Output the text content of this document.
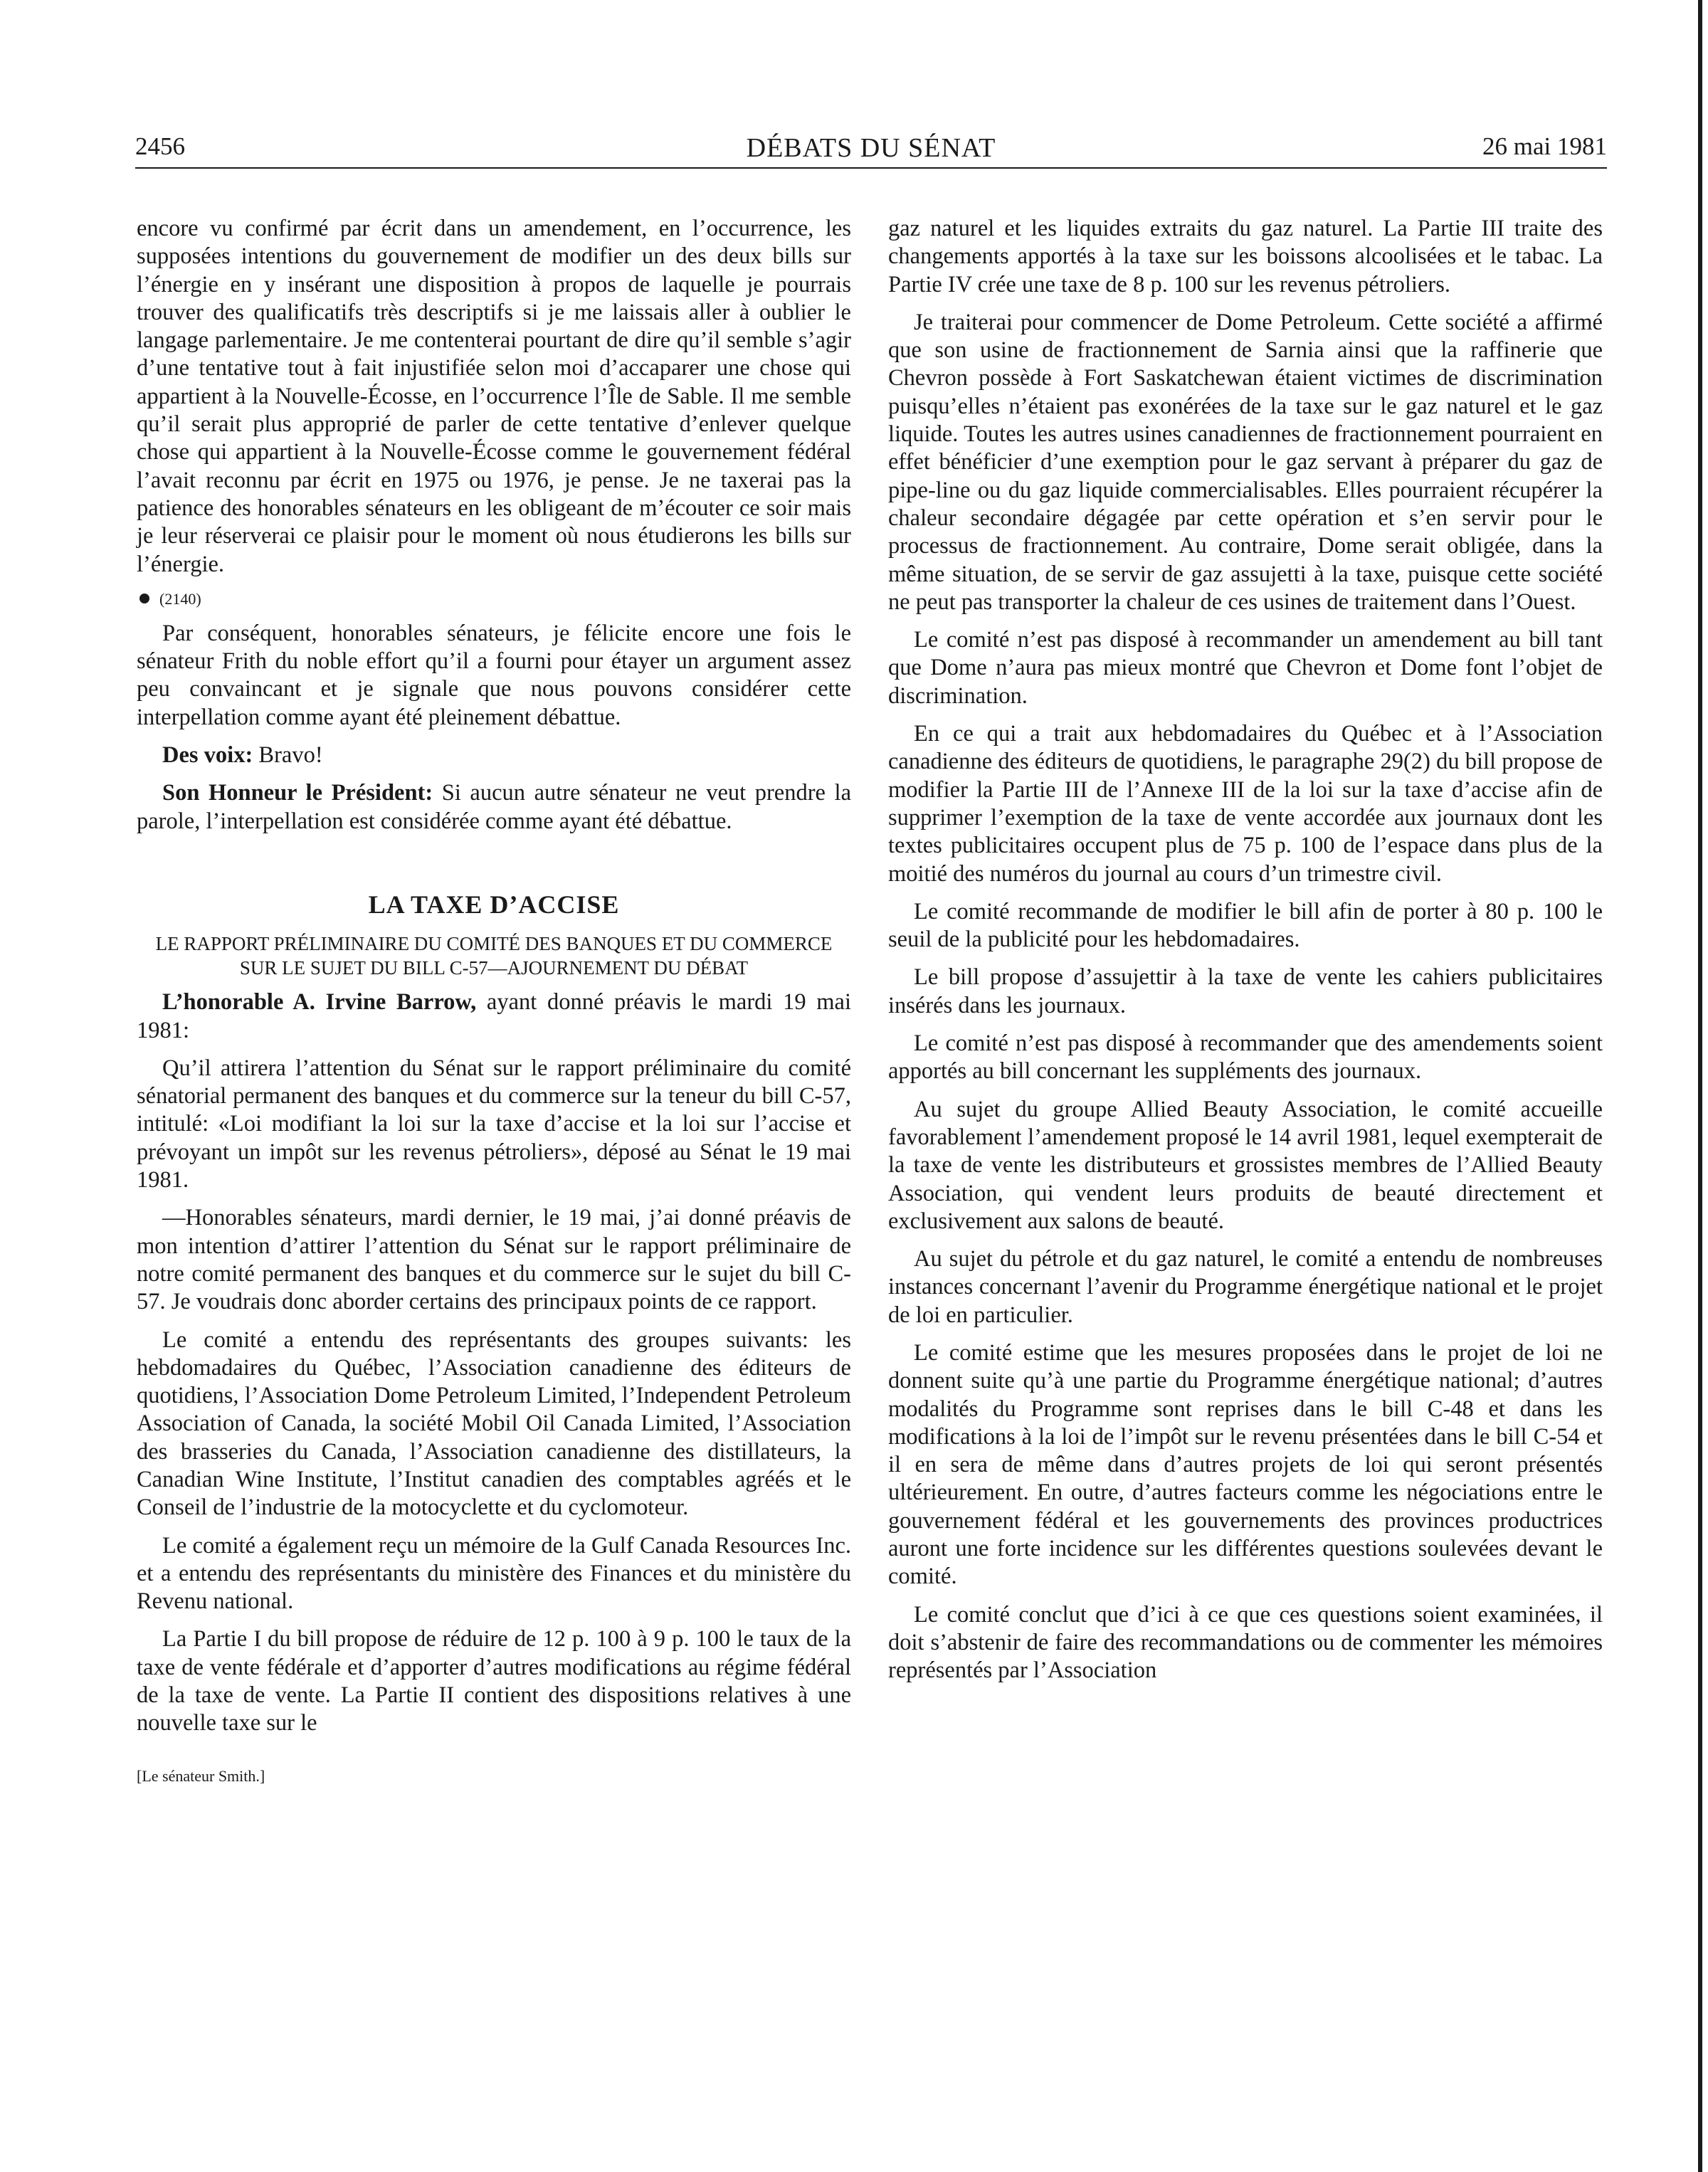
2456	DÉBATS DU SÉNAT	26 mai 1981

encore vu confirmé par écrit dans un amendement, en l’occurrence, les supposées intentions du gouvernement de modifier un des deux bills sur l’énergie en y insérant une disposition à propos de laquelle je pourrais trouver des qualificatifs très descriptifs si je me laissais aller à oublier le langage parlementaire. Je me contenterai pourtant de dire qu’il semble s’agir d’une tentative tout à fait injustifiée selon moi d’accaparer une chose qui appartient à la Nouvelle-Écosse, en l’occurrence l’Île de Sable. Il me semble qu’il serait plus approprié de parler de cette tentative d’enlever quelque chose qui appartient à la Nouvelle-Écosse comme le gouvernement fédéral l’avait reconnu par écrit en 1975 ou 1976, je pense. Je ne taxerai pas la patience des honorables sénateurs en les obligeant de m’écouter ce soir mais je leur réserverai ce plaisir pour le moment où nous étudierons les bills sur l’énergie.

(2140)

Par conséquent, honorables sénateurs, je félicite encore une fois le sénateur Frith du noble effort qu’il a fourni pour étayer un argument assez peu convaincant et je signale que nous pouvons considérer cette interpellation comme ayant été pleinement débattue.

Des voix: Bravo!

Son Honneur le Président: Si aucun autre sénateur ne veut prendre la parole, l’interpellation est considérée comme ayant été débattue.

LA TAXE D’ACCISE
LE RAPPORT PRÉLIMINAIRE DU COMITÉ DES BANQUES ET DU COMMERCE SUR LE SUJET DU BILL C-57—AJOURNEMENT DU DÉBAT

L’honorable A. Irvine Barrow, ayant donné préavis le mardi 19 mai 1981:

Qu’il attirera l’attention du Sénat sur le rapport préliminaire du comité sénatorial permanent des banques et du commerce sur la teneur du bill C-57, intitulé: «Loi modifiant la loi sur la taxe d’accise et la loi sur l’accise et prévoyant un impôt sur les revenus pétroliers», déposé au Sénat le 19 mai 1981.

—Honorables sénateurs, mardi dernier, le 19 mai, j’ai donné préavis de mon intention d’attirer l’attention du Sénat sur le rapport préliminaire de notre comité permanent des banques et du commerce sur le sujet du bill C-57. Je voudrais donc aborder certains des principaux points de ce rapport.

Le comité a entendu des représentants des groupes suivants: les hebdomadaires du Québec, l’Association canadienne des éditeurs de quotidiens, l’Association Dome Petroleum Limited, l’Independent Petroleum Association of Canada, la société Mobil Oil Canada Limited, l’Association des brasseries du Canada, l’Association canadienne des distillateurs, la Canadian Wine Institute, l’Institut canadien des comptables agréés et le Conseil de l’industrie de la motocyclette et du cyclomoteur.

Le comité a également reçu un mémoire de la Gulf Canada Resources Inc. et a entendu des représentants du ministère des Finances et du ministère du Revenu national.

La Partie I du bill propose de réduire de 12 p. 100 à 9 p. 100 le taux de la taxe de vente fédérale et d’apporter d’autres modifications au régime fédéral de la taxe de vente. La Partie II contient des dispositions relatives à une nouvelle taxe sur le

[Le sénateur Smith.]

gaz naturel et les liquides extraits du gaz naturel. La Partie III traite des changements apportés à la taxe sur les boissons alcoolisées et le tabac. La Partie IV crée une taxe de 8 p. 100 sur les revenus pétroliers.

Je traiterai pour commencer de Dome Petroleum. Cette société a affirmé que son usine de fractionnement de Sarnia ainsi que la raffinerie que Chevron possède à Fort Saskatchewan étaient victimes de discrimination puisqu’elles n’étaient pas exonérées de la taxe sur le gaz naturel et le gaz liquide. Toutes les autres usines canadiennes de fractionnement pourraient en effet bénéficier d’une exemption pour le gaz servant à préparer du gaz de pipe-line ou du gaz liquide commercialisables. Elles pourraient récupérer la chaleur secondaire dégagée par cette opération et s’en servir pour le processus de fractionnement. Au contraire, Dome serait obligée, dans la même situation, de se servir de gaz assujetti à la taxe, puisque cette société ne peut pas transporter la chaleur de ces usines de traitement dans l’Ouest.

Le comité n’est pas disposé à recommander un amendement au bill tant que Dome n’aura pas mieux montré que Chevron et Dome font l’objet de discrimination.

En ce qui a trait aux hebdomadaires du Québec et à l’Association canadienne des éditeurs de quotidiens, le paragraphe 29(2) du bill propose de modifier la Partie III de l’Annexe III de la loi sur la taxe d’accise afin de supprimer l’exemption de la taxe de vente accordée aux journaux dont les textes publicitaires occupent plus de 75 p. 100 de l’espace dans plus de la moitié des numéros du journal au cours d’un trimestre civil.

Le comité recommande de modifier le bill afin de porter à 80 p. 100 le seuil de la publicité pour les hebdomadaires.

Le bill propose d’assujettir à la taxe de vente les cahiers publicitaires insérés dans les journaux.

Le comité n’est pas disposé à recommander que des amendements soient apportés au bill concernant les suppléments des journaux.

Au sujet du groupe Allied Beauty Association, le comité accueille favorablement l’amendement proposé le 14 avril 1981, lequel exempterait de la taxe de vente les distributeurs et grossistes membres de l’Allied Beauty Association, qui vendent leurs produits de beauté directement et exclusivement aux salons de beauté.

Au sujet du pétrole et du gaz naturel, le comité a entendu de nombreuses instances concernant l’avenir du Programme énergétique national et le projet de loi en particulier.

Le comité estime que les mesures proposées dans le projet de loi ne donnent suite qu’à une partie du Programme énergétique national; d’autres modalités du Programme sont reprises dans le bill C-48 et dans les modifications à la loi de l’impôt sur le revenu présentées dans le bill C-54 et il en sera de même dans d’autres projets de loi qui seront présentés ultérieurement. En outre, d’autres facteurs comme les négociations entre le gouvernement fédéral et les gouvernements des provinces productrices auront une forte incidence sur les différentes questions soulevées devant le comité.

Le comité conclut que d’ici à ce que ces questions soient examinées, il doit s’abstenir de faire des recommandations ou de commenter les mémoires représentés par l’Association
